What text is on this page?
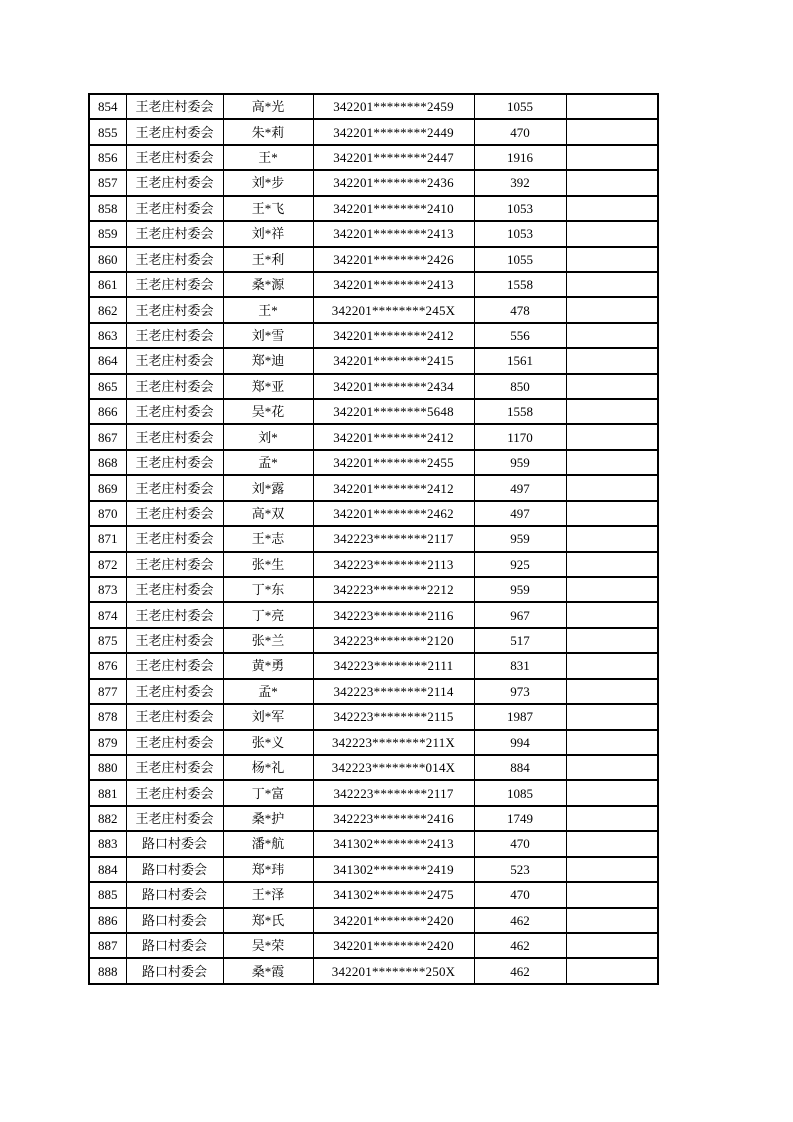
854	王老庄村委会	高*光	342201********2459	1055	
855	王老庄村委会	朱*莉	342201********2449	470	
856	王老庄村委会	王*	342201********2447	1916	
857	王老庄村委会	刘*步	342201********2436	392	
858	王老庄村委会	王*飞	342201********2410	1053	
859	王老庄村委会	刘*祥	342201********2413	1053	
860	王老庄村委会	王*利	342201********2426	1055	
861	王老庄村委会	桑*源	342201********2413	1558	
862	王老庄村委会	王*	342201********245X	478	
863	王老庄村委会	刘*雪	342201********2412	556	
864	王老庄村委会	郑*迪	342201********2415	1561	
865	王老庄村委会	郑*亚	342201********2434	850	
866	王老庄村委会	吴*花	342201********5648	1558	
867	王老庄村委会	刘*	342201********2412	1170	
868	王老庄村委会	孟*	342201********2455	959	
869	王老庄村委会	刘*露	342201********2412	497	
870	王老庄村委会	高*双	342201********2462	497	
871	王老庄村委会	王*志	342223********2117	959	
872	王老庄村委会	张*生	342223********2113	925	
873	王老庄村委会	丁*东	342223********2212	959	
874	王老庄村委会	丁*亮	342223********2116	967	
875	王老庄村委会	张*兰	342223********2120	517	
876	王老庄村委会	黄*勇	342223********2111	831	
877	王老庄村委会	孟*	342223********2114	973	
878	王老庄村委会	刘*军	342223********2115	1987	
879	王老庄村委会	张*义	342223********211X	994	
880	王老庄村委会	杨*礼	342223********014X	884	
881	王老庄村委会	丁*富	342223********2117	1085	
882	王老庄村委会	桑*护	342223********2416	1749	
883	路口村委会	潘*航	341302********2413	470	
884	路口村委会	郑*玮	341302********2419	523	
885	路口村委会	王*泽	341302********2475	470	
886	路口村委会	郑*氏	342201********2420	462	
887	路口村委会	吴*荣	342201********2420	462	
888	路口村委会	桑*霞	342201********250X	462	
